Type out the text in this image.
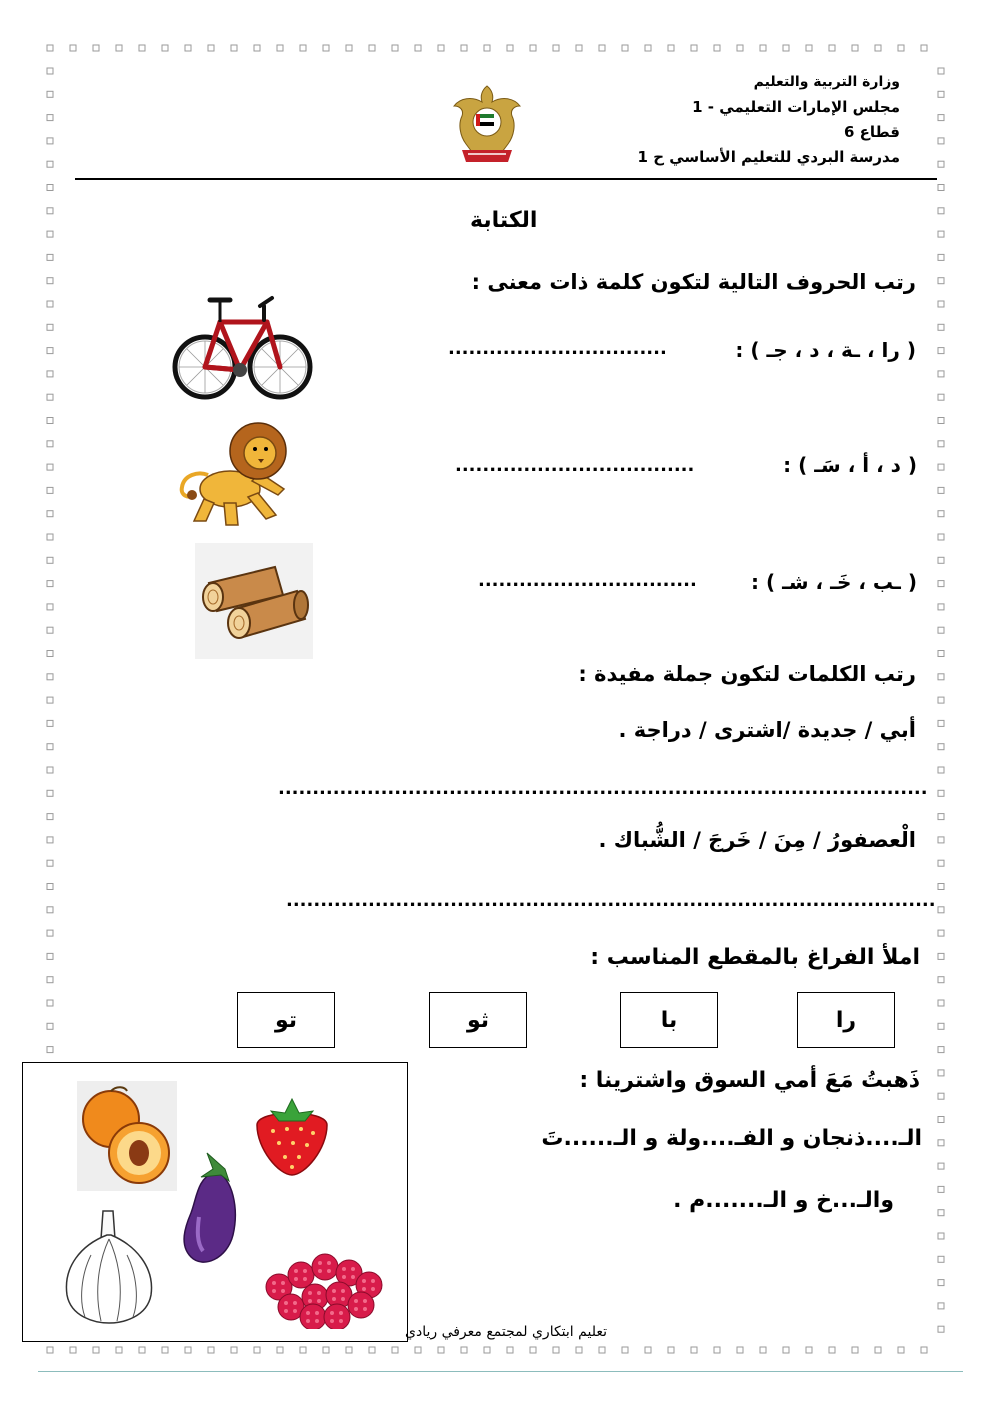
وزارة التربية والتعليم
مجلس الإمارات التعليمي - 1
قطاع 6
مدرسة البردي للتعليم الأساسي ح 1
الكتابة
رتب الحروف التالية لتكون كلمة ذات معنى :
( را ، ـة ، د ، جـ ) :
................................
( د ، أ ، سَـ ) :
...................................
( ـب ، خَـ ، شـ ) :
................................
رتب الكلمات لتكون جملة مفيدة :
أبي / جديدة /اشترى / دراجة .
...............................................................................................
الْعصفورُ / مِنَ / خَرجَ / الشُّباك .
...............................................................................................
املأ الفراغ بالمقطع المناسب :
را
با
ثو
تو
ذَهبتُ مَعَ أمي السوق واشترينا :
الـ....ذنجان و الفـ....ولة و الـ......تَ
والـ...خ و الـ.......م .
تعليم ابتكاري لمجتمع معرفي ريادي
